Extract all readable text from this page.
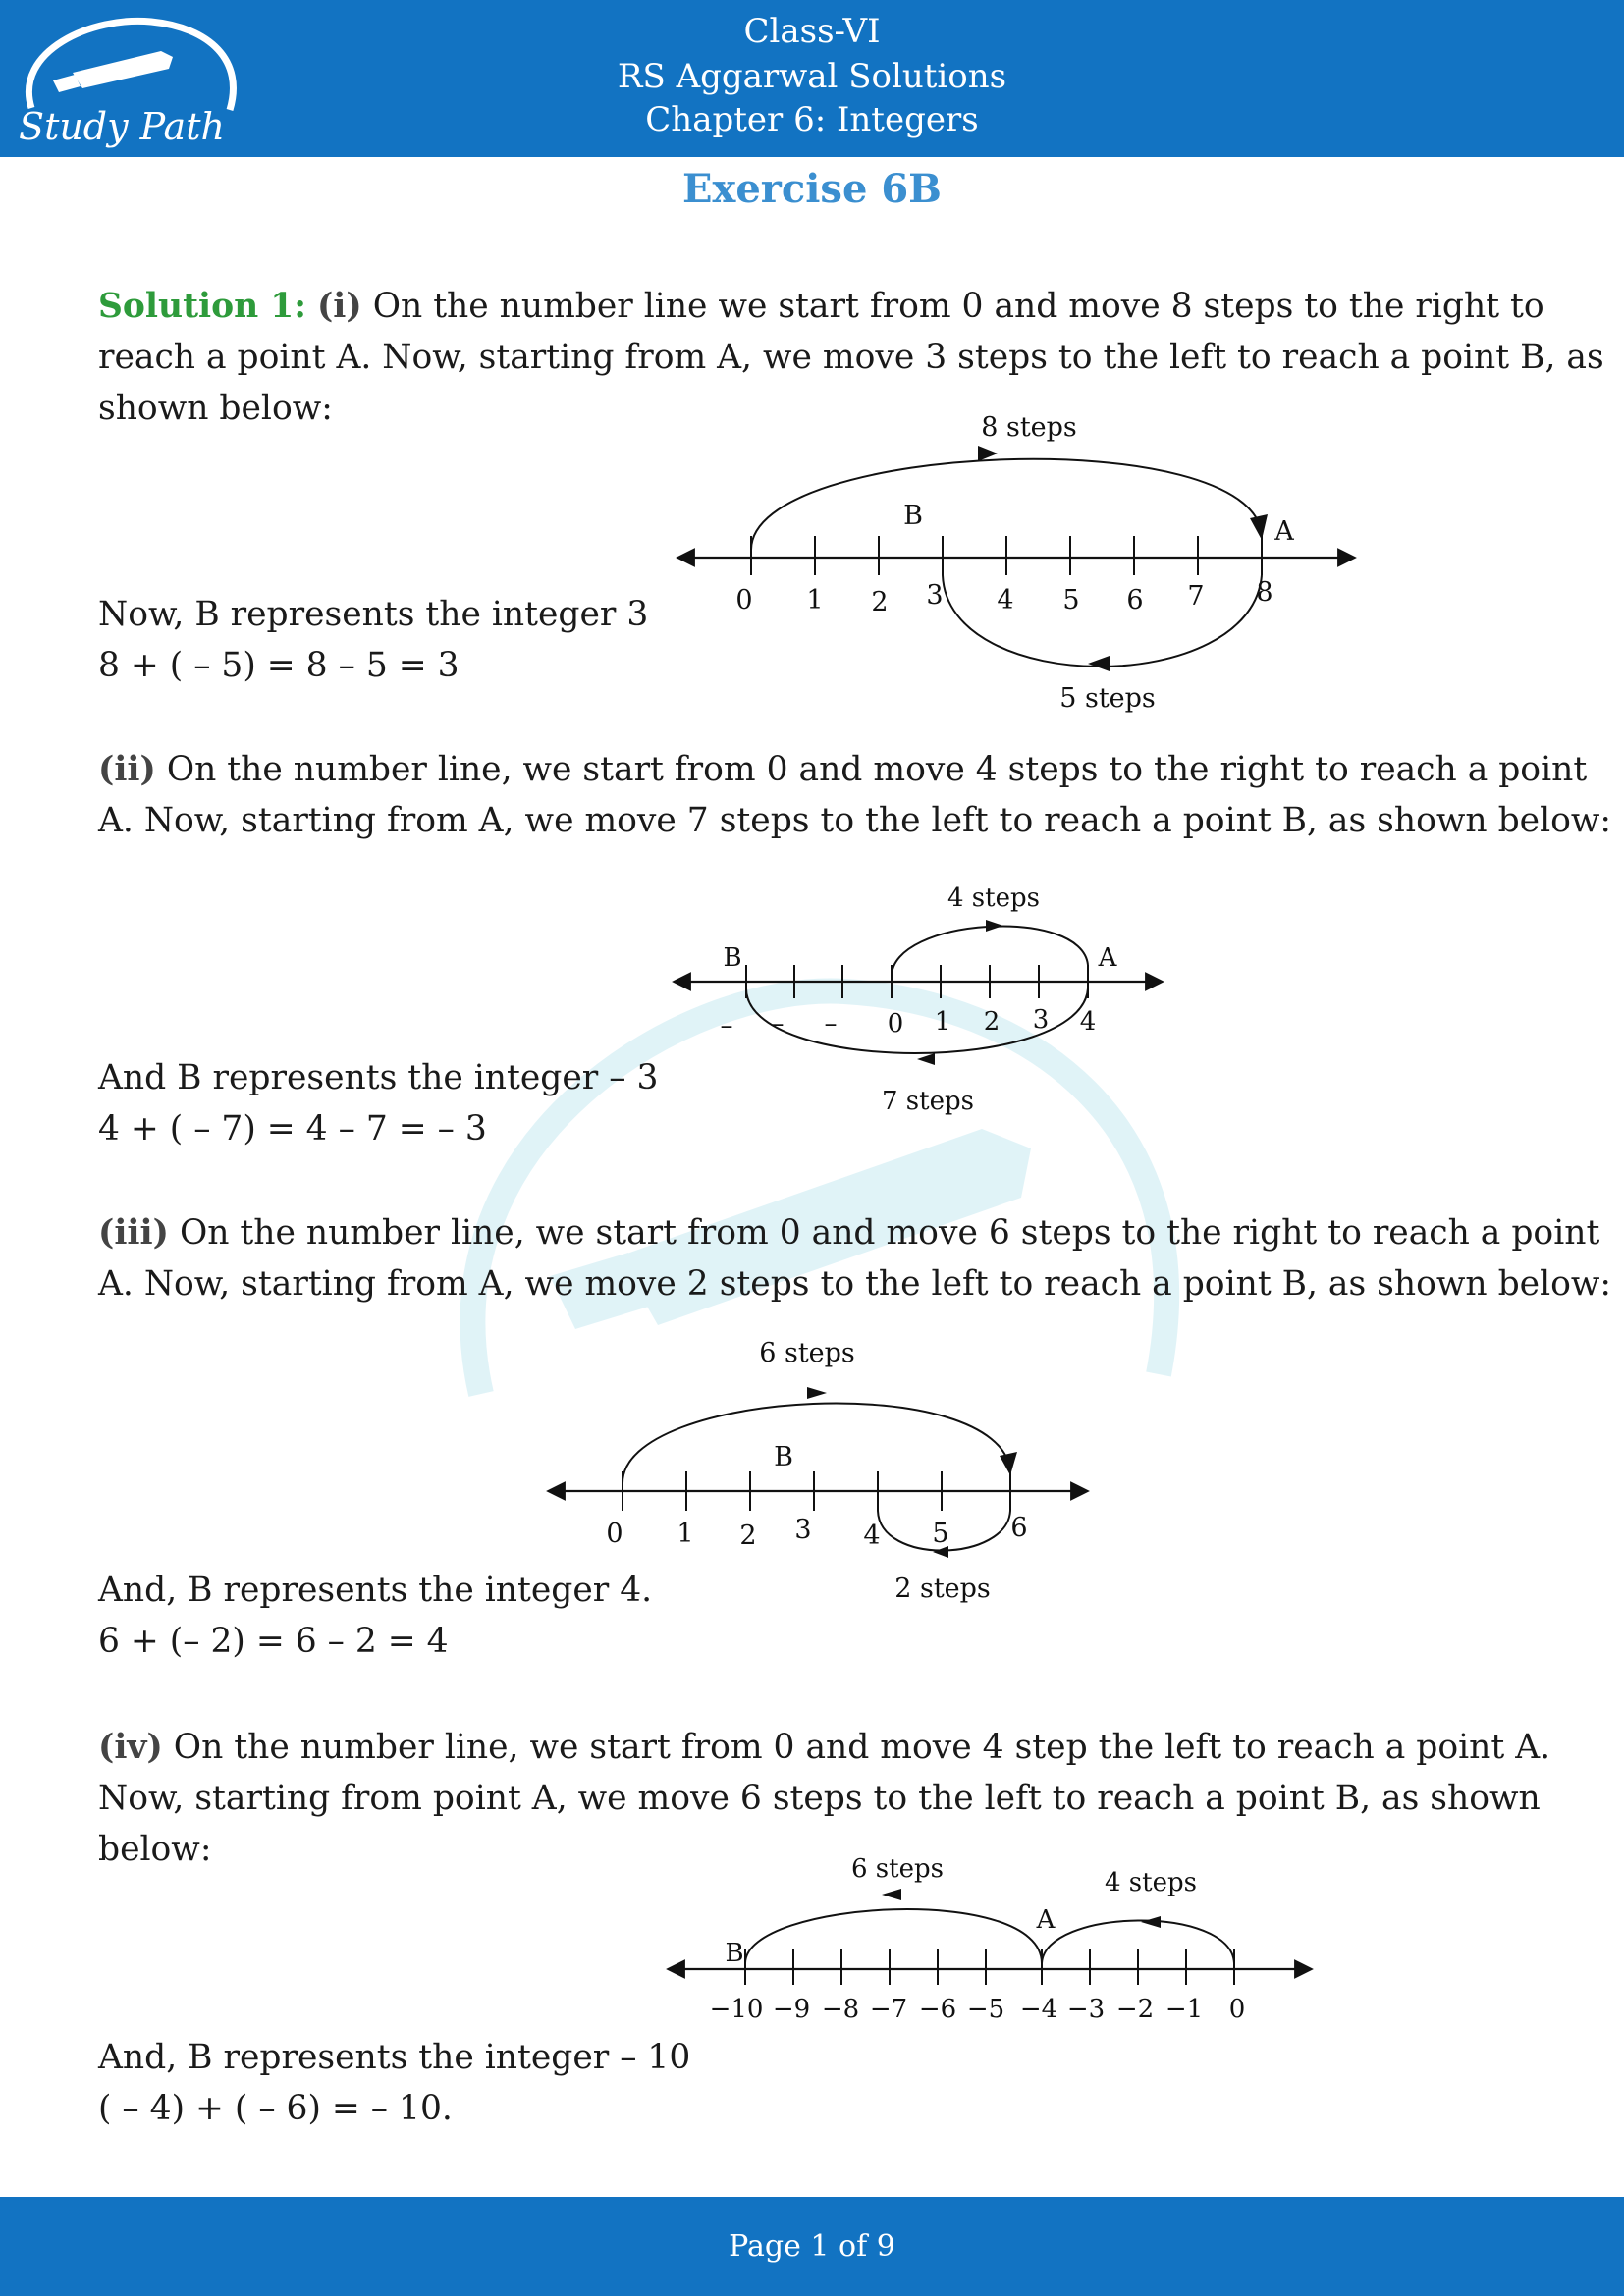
Study Path
Class-VI
RS Aggarwal Solutions
Chapter 6: Integers
Exercise 6B
Solution 1: (i) On the number line we start from 0 and move 8 steps to the right to
reach a point A. Now, starting from A, we move 3 steps to the left to reach a point B, as
shown below:
0 1 2 3 4 5 6 7 8
8 steps
5 steps
B
A
Now, B represents the integer 3
8 + ( – 5) = 8 – 5 = 3
(ii) On the number line, we start from 0 and move 4 steps to the right to reach a point
A. Now, starting from A, we move 7 steps to the left to reach a point B, as shown below:
– – – 0 1 2 3 4
4 steps
7 steps
B	A
And B represents the integer – 3
4 + ( – 7) = 4 – 7 = – 3
(iii) On the number line, we start from 0 and move 6 steps to the right to reach a point
A. Now, starting from A, we move 2 steps to the left to reach a point B, as shown below:
0 1 2 3 4 5 6
6 steps
2 steps
B
And, B represents the integer 4.
6 + (– 2) = 6 – 2 = 4
(iv) On the number line, we start from 0 and move 4 step the left to reach a point A.
Now, starting from point A, we move 6 steps to the left to reach a point B, as shown
below:
−10 −9 −8 −7 −6 −5 −4 −3 −2 −1 0
6 steps	4 steps
B
A
And, B represents the integer – 10
( – 4) + ( – 6) = – 10.
Page 1 of 9
